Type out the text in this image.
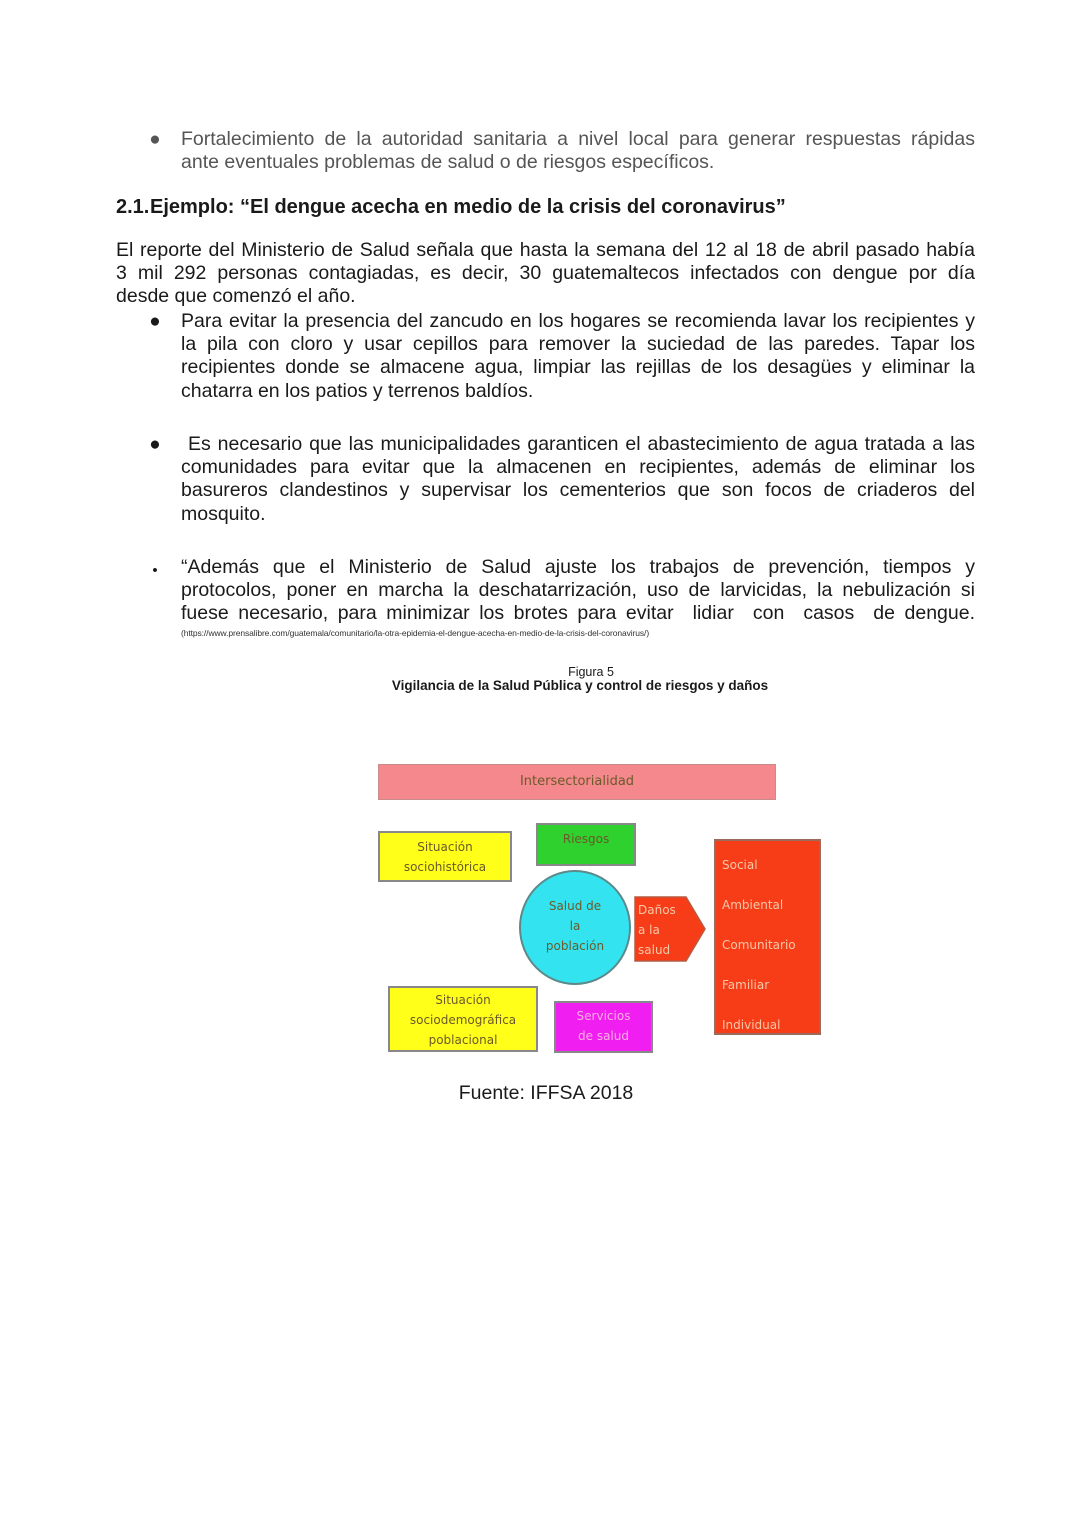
● Fortalecimiento de la autoridad sanitaria a nivel local para generar respuestas rápidas
ante eventuales problemas de salud o de riesgos específicos.
2.1.Ejemplo: “El dengue acecha en medio de la crisis del coronavirus”
El reporte del Ministerio de Salud señala que hasta la semana del 12 al 18 de abril pasado había
3 mil 292 personas contagiadas, es decir, 30 guatemaltecos infectados con dengue por día
desde que comenzó el año.
● Para evitar la presencia del zancudo en los hogares se recomienda lavar los recipientes y
la pila con cloro y usar cepillos para remover la suciedad de las paredes. Tapar los
recipientes donde se almacene agua, limpiar las rejillas de los desagües y eliminar la
chatarra en los patios y terrenos baldíos.
● Es necesario que las municipalidades garanticen el abastecimiento de agua tratada a las
comunidades para evitar que la almacenen en recipientes, además de eliminar los
basureros clandestinos y supervisar los cementerios que son focos de criaderos del
mosquito.
• “Además que el Ministerio de Salud ajuste los trabajos de prevención, tiempos y
protocolos, poner en marcha la deschatarrización, uso de larvicidas, la nebulización si
fuese necesario, para minimizar los brotes para evitar  lidiar  con  casos  de dengue.
(https://www.prensalibre.com/guatemala/comunitario/la-otra-epidemia-el-dengue-acecha-en-medio-de-la-crisis-del-coronavirus/)
Figura 5
Vigilancia de la Salud Pública y control de riesgos y daños
Intersectorialidad
Situación
sociohistórica
Riesgos
Salud de
la
población
Daños
a la
salud
Social
Ambiental
Comunitario
Familiar
Individual
Situación
sociodemográfica
poblacional
Servicios
de salud
Fuente: IFFSA 2018
